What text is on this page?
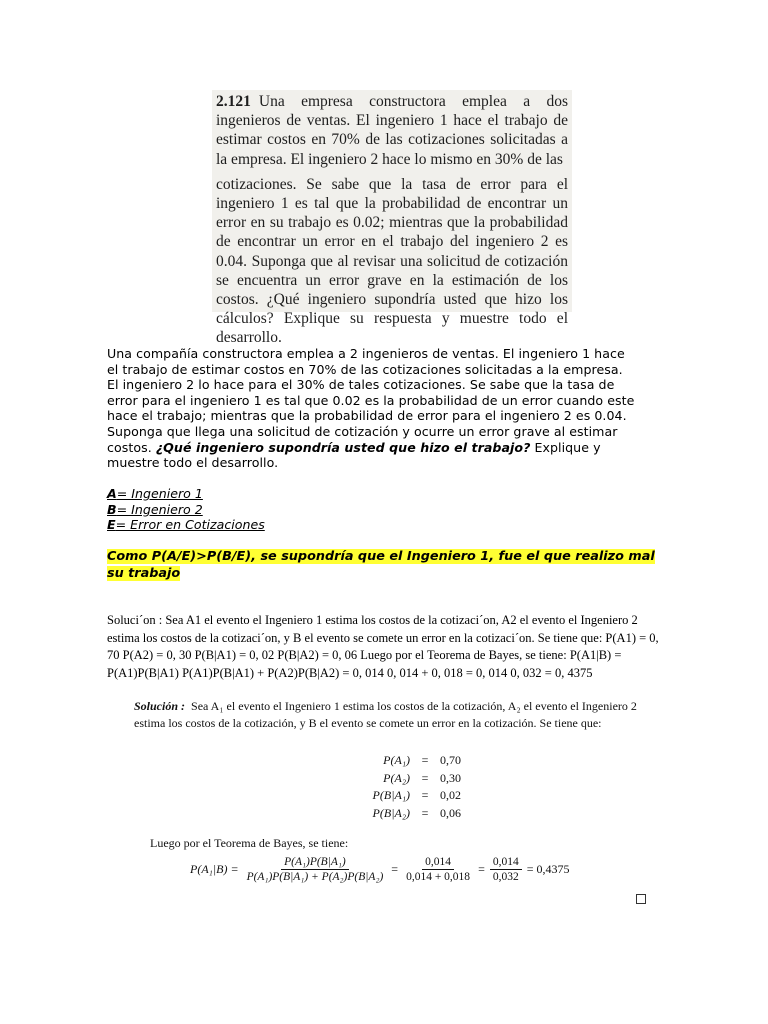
2.121 Una empresa constructora emplea a dos ingenieros de ventas. El ingeniero 1 hace el trabajo de estimar costos en 70% de las cotizaciones solicitadas a la empresa. El ingeniero 2 hace lo mismo en 30% de las

cotizaciones. Se sabe que la tasa de error para el ingeniero 1 es tal que la probabilidad de encontrar un error en su trabajo es 0.02; mientras que la probabilidad de encontrar un error en el trabajo del ingeniero 2 es 0.04. Suponga que al revisar una solicitud de cotización se encuentra un error grave en la estimación de los costos. ¿Qué ingeniero supondría usted que hizo los cálculos? Explique su respuesta y muestre todo el desarrollo.

Una compañía constructora emplea a 2 ingenieros de ventas. El ingeniero 1 hace el trabajo de estimar costos en 70% de las cotizaciones solicitadas a la empresa. El ingeniero 2 lo hace para el 30% de tales cotizaciones. Se sabe que la tasa de error para el ingeniero 1 es tal que 0.02 es la probabilidad de un error cuando este hace el trabajo; mientras que la probabilidad de error para el ingeniero 2 es 0.04. Suponga que llega una solicitud de cotización y ocurre un error grave al estimar costos. ¿Qué ingeniero supondría usted que hizo el trabajo? Explique y muestre todo el desarrollo.

A= Ingeniero 1
B= Ingeniero 2
E= Error en Cotizaciones
Como P(A/E)>P(B/E), se supondría que el Ingeniero 1, fue el que realizo mal su trabajo
Soluci´on : Sea A1 el evento el Ingeniero 1 estima los costos de la cotizaci´on, A2 el evento el Ingeniero 2 estima los costos de la cotizaci´on, y B el evento se comete un error en la cotizaci´on. Se tiene que: P(A1) = 0, 70 P(A2) = 0, 30 P(B|A1) = 0, 02 P(B|A2) = 0, 06 Luego por el Teorema de Bayes, se tiene: P(A1|B) = P(A1)P(B|A1) P(A1)P(B|A1) + P(A2)P(B|A2) = 0, 014 0, 014 + 0, 018 = 0, 014 0, 032 = 0, 4375
Solución : Sea A₁ el evento el Ingeniero 1 estima los costos de la cotización, A₂ el evento el Ingeniero 2 estima los costos de la cotización, y B el evento se comete un error en la cotización. Se tiene que:
P(A₁) = 0,70
P(A₂) = 0,30
P(B|A₁) = 0,02
P(B|A₂) = 0,06
Luego por el Teorema de Bayes, se tiene:
$P(A_1|B) = \frac{\text{P(A₁)P(B|A₁)}}{\text{P(A₁)P(B|A₁) + P(A₂)P(B|A₂)}} = \frac{0,014}{0,014 + 0,018} = \frac{0,014}{0,032} = 0,4375$
